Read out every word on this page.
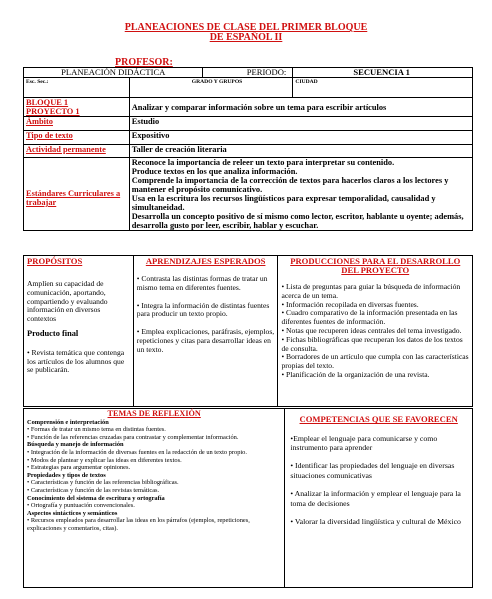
PLANEACIONES DE CLASE DEL PRIMER BLOQUE
DE ESPAÑOL II
PROFESOR:
PLANEACIÓN DIDÁCTICA		PERIODO:	SECUENCIA 1
Esc. Sec.:	GRADO Y GRUPOS		CIUDAD

BLOQUE 1
PROYECTO 1	Analizar y comparar información sobre un tema para escribir artículos		
Ámbito	Estudio		
Tipo de texto	Expositivo		
Actividad permanente	Taller de creación literaria		
Estándares Curriculares a trabajar	Reconoce la importancia de releer un texto para interpretar su contenido.
Produce textos en los que analiza información.
Comprende la importancia de la corrección de textos para hacerlos claros a los lectores y mantener el propósito comunicativo.
Usa en la escritura los recursos lingüísticos para expresar temporalidad, causalidad y simultaneidad.
Desarrolla un concepto positivo de sí mismo como lector, escritor, hablante u oyente; además, desarrolla gusto por leer, escribir, hablar y escuchar.		
PROPÓSITOS
Amplíen su capacidad de comunicación, aportando, compartiendo y evaluando información en diversos contextos
Producto final
• Revista temática que contenga los artículos de los alumnos que se publicarán.

APRENDIZAJES ESPERADOS
• Contrasta las distintas formas de tratar un mismo tema en diferentes fuentes.
• Integra la información de distintas fuentes para producir un texto propio.
• Emplea explicaciones, paráfrasis, ejemplos, repeticiones y citas para desarrollar ideas en un texto.

PRODUCCIONES PARA EL DESARROLLO DEL PROYECTO
• Lista de preguntas para guiar la búsqueda de información acerca de un tema.
• Información recopilada en diversas fuentes.
• Cuadro comparativo de la información presentada en las diferentes fuentes de información.
• Notas que recuperen ideas centrales del tema investigado.
• Fichas bibliográficas que recuperan los datos de los textos de consulta.
• Borradores de un artículo que cumpla con las características propias del texto.
• Planificación de la organización de una revista.
TEMAS DE REFLEXIÓN
Comprensión e interpretación
• Formas de tratar un mismo tema en distintas fuentes.
• Función de las referencias cruzadas para contrastar y complementar información.
Búsqueda y manejo de información
• Integración de la información de diversas fuentes en la redacción de un texto propio.
• Modos de plantear y explicar las ideas en diferentes textos.
• Estrategias para argumentar opiniones.
Propiedades y tipos de textos
• Características y función de las referencias bibliográficas.
• Características y función de las revistas temáticas.
Conocimiento del sistema de escritura y ortografía
• Ortografía y puntuación convencionales.
Aspectos sintácticos y semánticos
• Recursos empleados para desarrollar las ideas en los párrafos (ejemplos, repeticiones, explicaciones y comentarios, citas).

COMPETENCIAS QUE SE FAVORECEN
•Emplear el lenguaje para comunicarse y como instrumento para aprender
• Identificar las propiedades del lenguaje en diversas situaciones comunicativas
• Analizar la información y emplear el lenguaje para la toma de decisiones
• Valorar la diversidad lingüística y cultural de México
